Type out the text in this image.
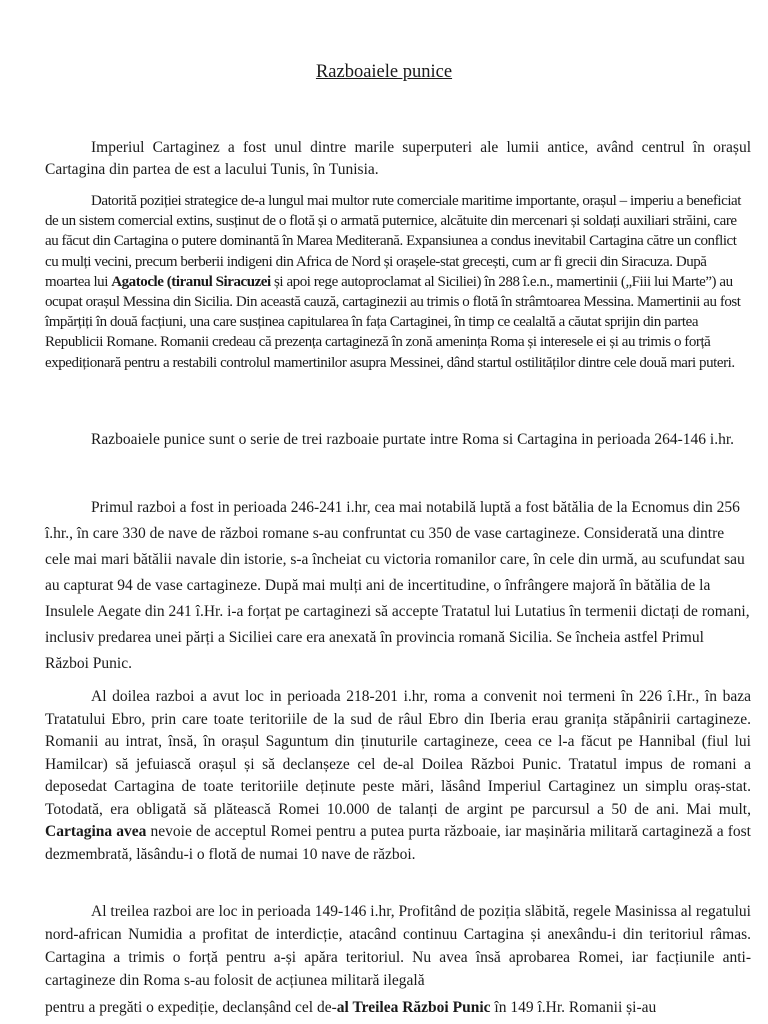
Razboaiele punice

Imperiul Cartaginez a fost unul dintre marile superputeri ale lumii antice, având centrul în orașul Cartagina din partea de est a lacului Tunis, în Tunisia.

Datorită poziției strategice de-a lungul mai multor rute comerciale maritime importante, orașul – imperiu a beneficiat de un sistem comercial extins, susținut de o flotă și o armată puternice, alcătuite din mercenari și soldați auxiliari străini, care au făcut din Cartagina o putere dominantă în Marea Mediterană. Expansiunea a condus inevitabil Cartagina către un conflict cu mulți vecini, precum berberii indigeni din Africa de Nord și orașele-stat grecești, cum ar fi grecii din Siracuza. După moartea lui Agatocle (tiranul Siracuzei și apoi rege autoproclamat al Siciliei) în 288 î.e.n., mamertinii („Fiii lui Marte”) au ocupat orașul Messina din Sicilia. Din această cauză, cartaginezii au trimis o flotă în strâmtoarea Messina. Mamertinii au fost împărțiți în două facțiuni, una care susținea capitularea în fața Cartaginei, în timp ce cealaltă a căutat sprijin din partea Republicii Romane. Romanii credeau că prezența cartagineză în zonă amenința Roma și interesele ei și au trimis o forță expediționară pentru a restabili controlul mamertinilor asupra Messinei, dând startul ostilităților dintre cele două mari puteri.

Razboaiele punice sunt o serie de trei razboaie purtate intre Roma si Cartagina in perioada 264-146 i.hr.

Primul razboi a fost in perioada 246-241 i.hr, cea mai notabilă luptă a fost bătălia de la Ecnomus din 256 î.hr., în care 330 de nave de război romane s-au confruntat cu 350 de vase cartagineze. Considerată una dintre cele mai mari bătălii navale din istorie, s-a încheiat cu victoria romanilor care, în cele din urmă, au scufundat sau au capturat 94 de vase cartagineze. După mai mulți ani de incertitudine, o înfrângere majoră în bătălia de la Insulele Aegate din 241 î.Hr. i-a forțat pe cartaginezi să accepte Tratatul lui Lutatius în termenii dictați de romani, inclusiv predarea unei părți a Siciliei care era anexată în provincia romană Sicilia. Se încheia astfel Primul Război Punic.

Al doilea razboi a avut loc in perioada 218-201 i.hr, roma a convenit noi termeni în 226 î.Hr., în baza Tratatului Ebro, prin care toate teritoriile de la sud de râul Ebro din Iberia erau granița stăpânirii cartagineze. Romanii au intrat, însă, în orașul Saguntum din ținuturile cartagineze, ceea ce l-a făcut pe Hannibal (fiul lui Hamilcar) să jefuiască orașul și să declanșeze cel de-al Doilea Război Punic. Tratatul impus de romani a deposedat Cartagina de toate teritoriile deținute peste mări, lăsând Imperiul Cartaginez un simplu oraș-stat. Totodată, era obligată să plătească Romei 10.000 de talanți de argint pe parcursul a 50 de ani. Mai mult, Cartagina avea nevoie de acceptul Romei pentru a putea purta războaie, iar mașinăria militară cartagineză a fost dezmembrată, lăsându-i o flotă de numai 10 nave de război.

Al treilea razboi are loc in perioada 149-146 i.hr, Profitând de poziția slăbită, regele Masinissa al regatului nord-african Numidia a profitat de interdicție, atacând continuu Cartagina și anexându-i din teritoriul râmas. Cartagina a trimis o forță pentru a-și apăra teritoriul. Nu avea însă aprobarea Romei, iar facțiunile anti-cartagineze din Roma s-au folosit de acțiunea militară ilegală
pentru a pregăti o expediție, declanșând cel de-al Treilea Război Punic în 149 î.Hr. Romanii și-au
